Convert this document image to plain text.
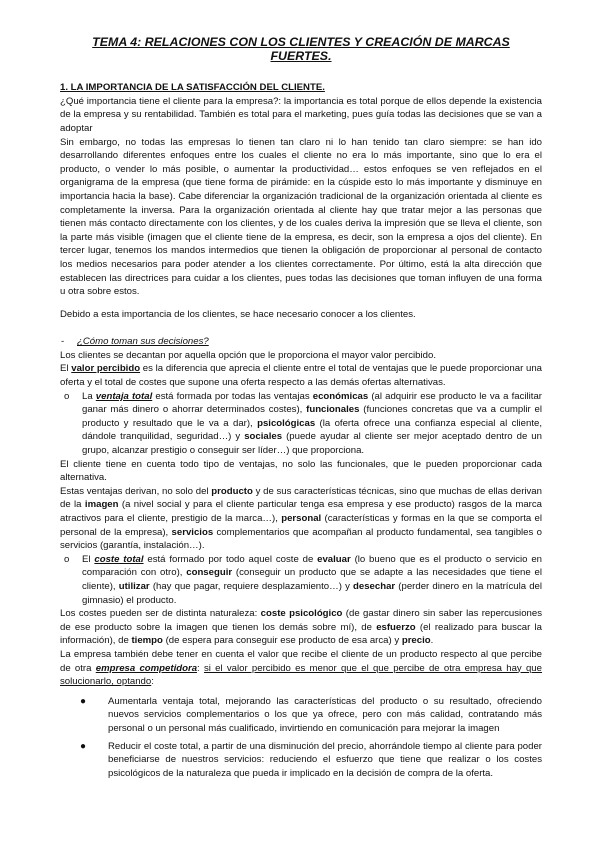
TEMA 4: RELACIONES CON LOS CLIENTES Y CREACIÓN DE MARCAS FUERTES.

1. LA IMPORTANCIA DE LA SATISFACCIÓN DEL CLIENTE.

¿Qué importancia tiene el cliente para la empresa?: la importancia es total porque de ellos depende la existencia de la empresa y su rentabilidad. También es total para el marketing, pues guía todas las decisiones que se van a adoptar

Sin embargo, no todas las empresas lo tienen tan claro ni lo han tenido tan claro siempre: se han ido desarrollando diferentes enfoques entre los cuales el cliente no era lo más importante, sino que lo era el producto, o vender lo más posible, o aumentar la productividad… estos enfoques se ven reflejados en el organigrama de la empresa (que tiene forma de pirámide: en la cúspide esto lo más importante y disminuye en importancia hacia la base). Cabe diferenciar la organización tradicional de la organización orientada al cliente es completamente la inversa. Para la organización orientada al cliente hay que tratar mejor a las personas que tienen más contacto directamente con los clientes, y de los cuales deriva la impresión que se lleva el cliente, son la parte más visible (imagen que el cliente tiene de la empresa, es decir, son la empresa a ojos del cliente). En tercer lugar, tenemos los mandos intermedios que tienen la obligación de proporcionar al personal de contacto los medios necesarios para poder atender a los clientes correctamente. Por último, está la alta dirección que establecen las directrices para cuidar a los clientes, pues todas las decisiones que toman influyen de una forma u otra sobre estos.

Debido a esta importancia de los clientes, se hace necesario conocer a los clientes.

- ¿Cómo toman sus decisiones?

Los clientes se decantan por aquella opción que le proporciona el mayor valor percibido.

El valor percibido es la diferencia que aprecia el cliente entre el total de ventajas que le puede proporcionar una oferta y el total de costes que supone una oferta respecto a las demás ofertas alternativas.

o La ventaja total está formada por todas las ventajas económicas (al adquirir ese producto le va a facilitar ganar más dinero o ahorrar determinados costes), funcionales (funciones concretas que va a cumplir el producto y resultado que le va a dar), psicológicas (la oferta ofrece una confianza especial al cliente, dándole tranquilidad, seguridad…) y sociales (puede ayudar al cliente ser mejor aceptado dentro de un grupo, alcanzar prestigio o conseguir ser líder…) que proporciona.

El cliente tiene en cuenta todo tipo de ventajas, no solo las funcionales, que le pueden proporcionar cada alternativa.

Estas ventajas derivan, no solo del producto y de sus características técnicas, sino que muchas de ellas derivan de la imagen (a nivel social y para el cliente particular tenga esa empresa y ese producto) rasgos de la marca atractivos para el cliente, prestigio de la marca…), personal (características y formas en la que se comporta el personal de la empresa), servicios complementarios que acompañan al producto fundamental, sea tangibles o servicios (garantía, instalación…).

o El coste total está formado por todo aquel coste de evaluar (lo bueno que es el producto o servicio en comparación con otro), conseguir (conseguir un producto que se adapte a las necesidades que tiene el cliente), utilizar (hay que pagar, requiere desplazamiento…) y desechar (perder dinero en la matrícula del gimnasio) el producto.

Los costes pueden ser de distinta naturaleza: coste psicológico (de gastar dinero sin saber las repercusiones de ese producto sobre la imagen que tienen los demás sobre mí), de esfuerzo (el realizado para buscar la información), de tiempo (de espera para conseguir ese producto de esa arca) y precio.

La empresa también debe tener en cuenta el valor que recibe el cliente de un producto respecto al que percibe de otra empresa competidora: si el valor percibido es menor que el que percibe de otra empresa hay que solucionarlo, optando:

● Aumentarla ventaja total, mejorando las características del producto o su resultado, ofreciendo nuevos servicios complementarios o los que ya ofrece, pero con más calidad, contratando más personal o un personal más cualificado, invirtiendo en comunicación para mejorar la imagen
● Reducir el coste total, a partir de una disminución del precio, ahorrándole tiempo al cliente para poder beneficiarse de nuestros servicios: reduciendo el esfuerzo que tiene que realizar o los costes psicológicos de la naturaleza que pueda ir implicado en la decisión de compra de la oferta.
